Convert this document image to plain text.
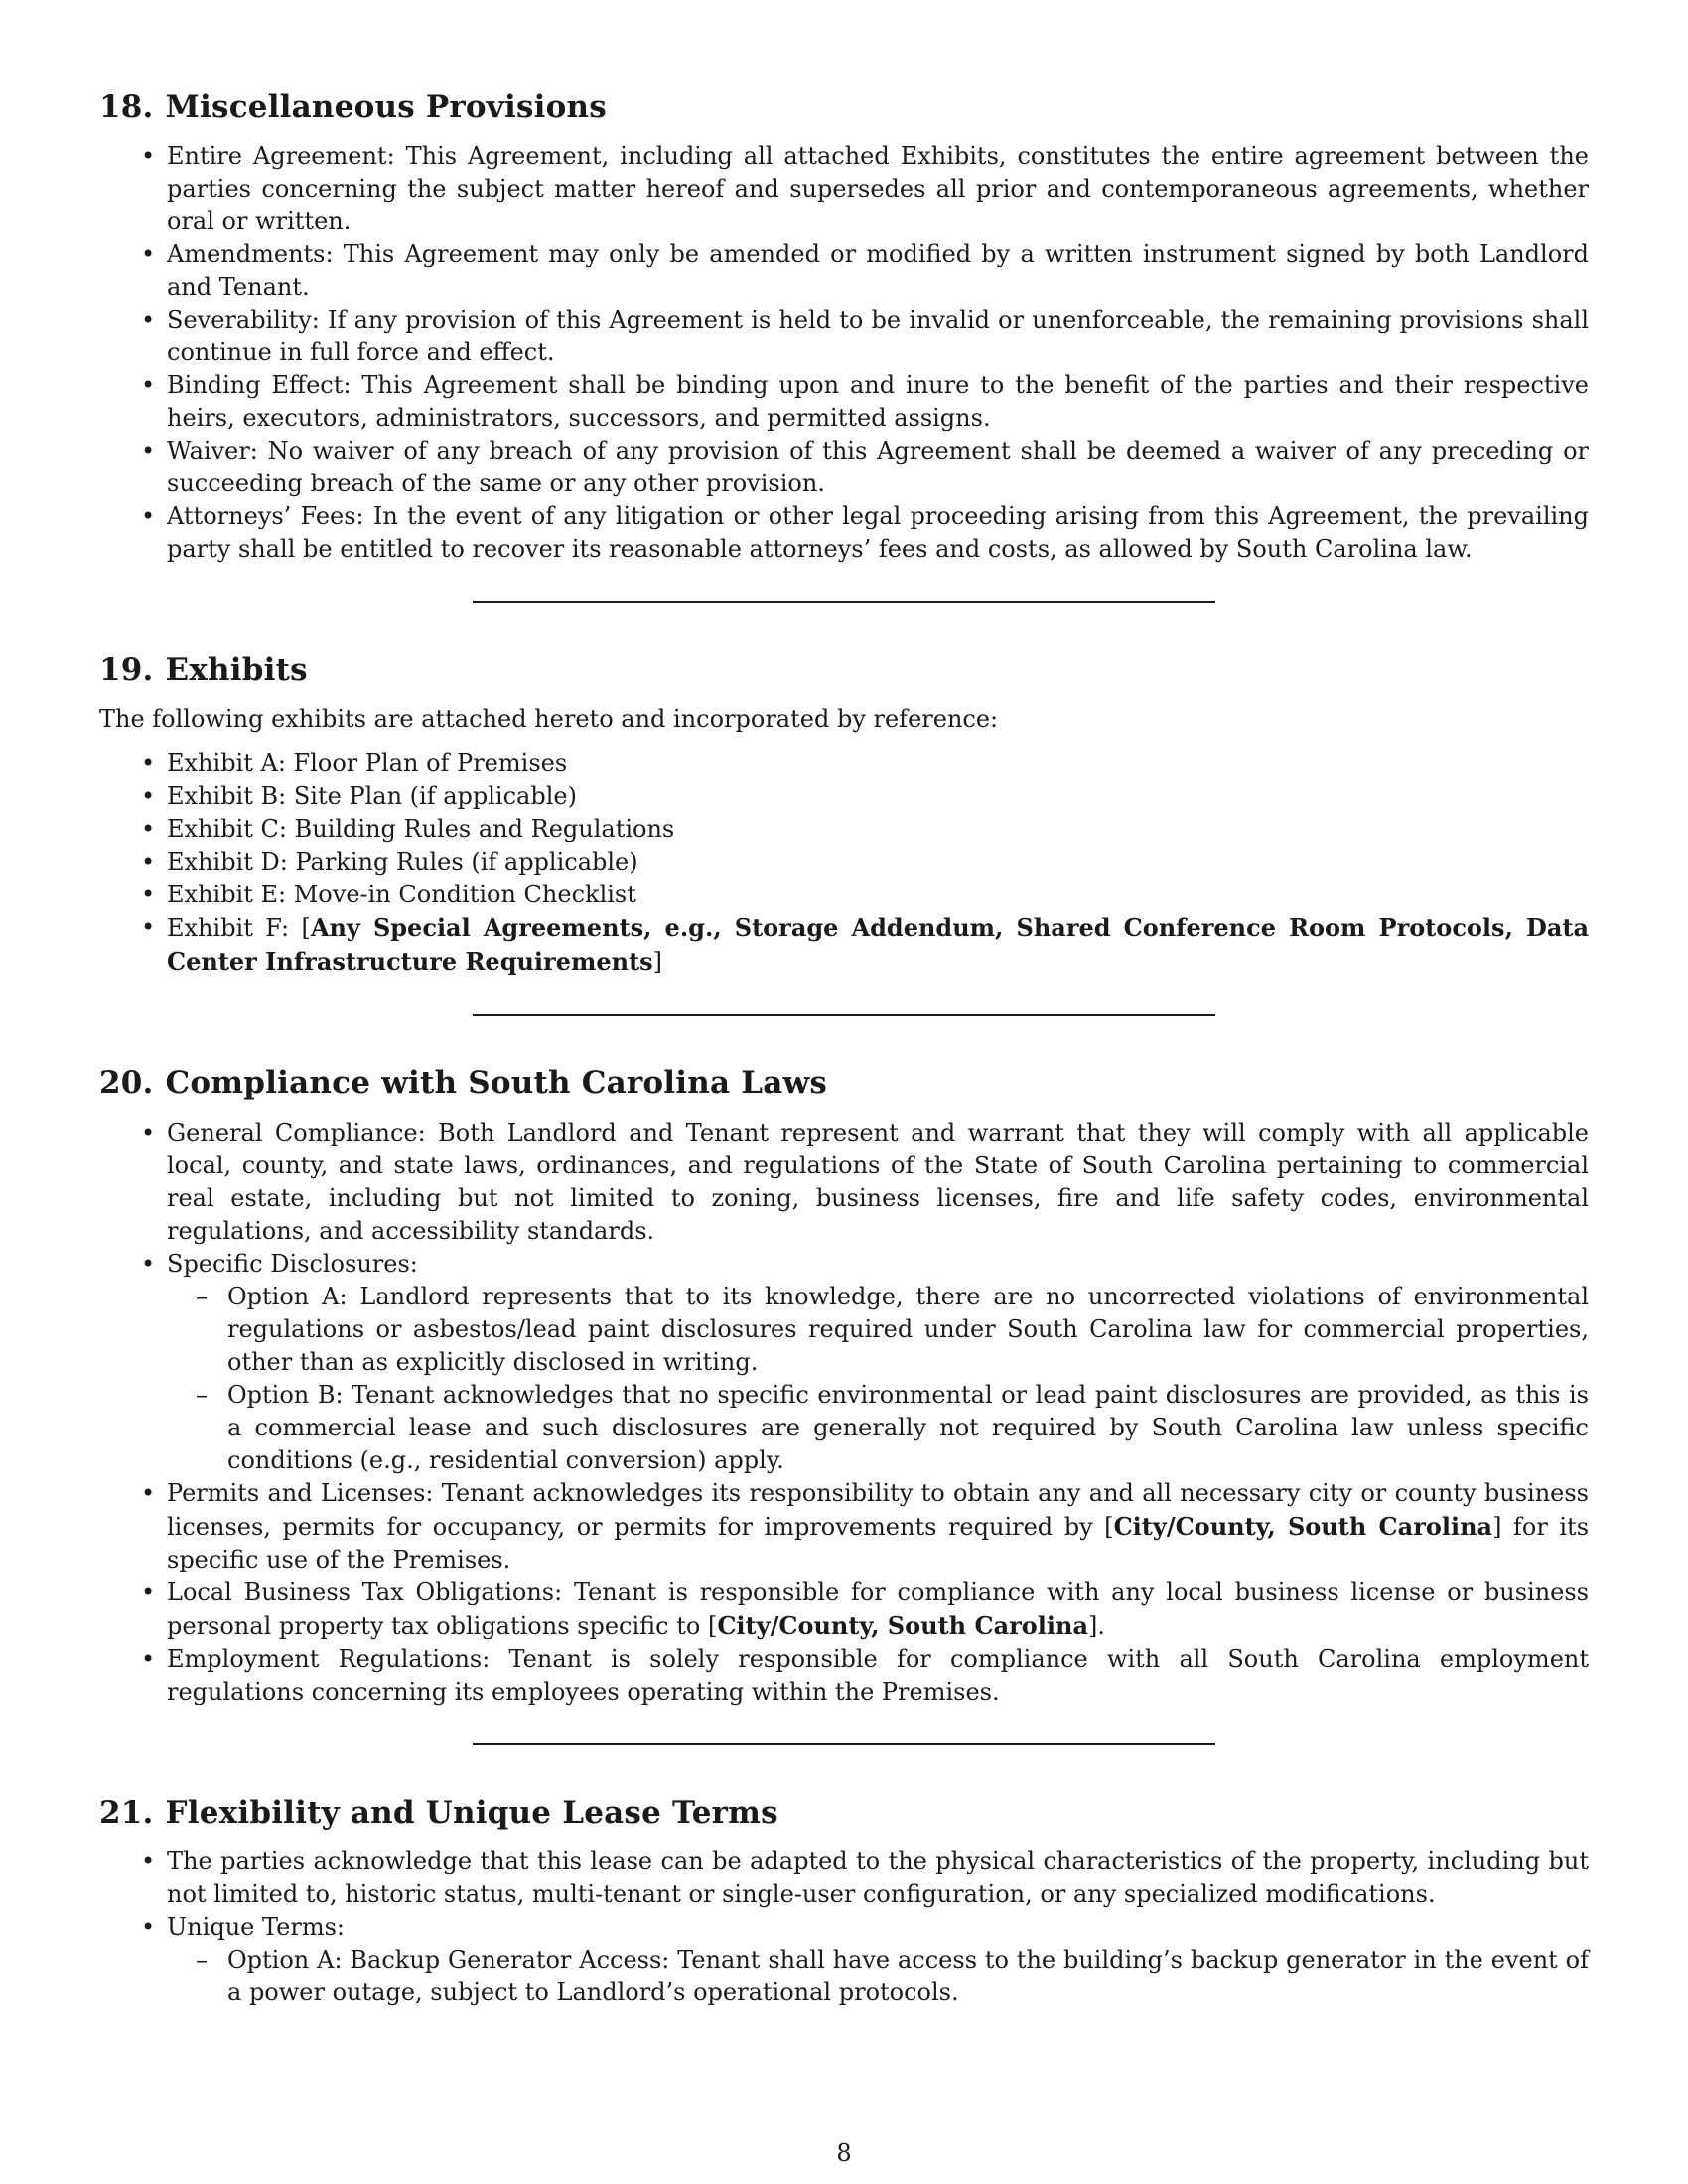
18. Miscellaneous Provisions
• Entire Agreement: This Agreement, including all attached Exhibits, constitutes the entire agreement between the parties concerning the subject matter hereof and supersedes all prior and contemporaneous agreements, whether oral or written.
• Amendments: This Agreement may only be amended or modified by a written instrument signed by both Landlord and Tenant.
• Severability: If any provision of this Agreement is held to be invalid or unenforceable, the remaining provisions shall continue in full force and effect.
• Binding Effect: This Agreement shall be binding upon and inure to the benefit of the parties and their respective heirs, executors, administrators, successors, and permitted assigns.
• Waiver: No waiver of any breach of any provision of this Agreement shall be deemed a waiver of any preceding or succeeding breach of the same or any other provision.
• Attorneys’ Fees: In the event of any litigation or other legal proceeding arising from this Agreement, the prevailing party shall be entitled to recover its reasonable attorneys’ fees and costs, as allowed by South Carolina law.
19. Exhibits

The following exhibits are attached hereto and incorporated by reference:

• Exhibit A: Floor Plan of Premises
• Exhibit B: Site Plan (if applicable)
• Exhibit C: Building Rules and Regulations
• Exhibit D: Parking Rules (if applicable)
• Exhibit E: Move-in Condition Checklist
• Exhibit F: [Any Special Agreements, e.g., Storage Addendum, Shared Conference Room Protocols, Data Center Infrastructure Requirements]
20. Compliance with South Carolina Laws
• General Compliance: Both Landlord and Tenant represent and warrant that they will comply with all applicable local, county, and state laws, ordinances, and regulations of the State of South Carolina pertaining to commercial real estate, including but not limited to zoning, business licenses, fire and life safety codes, environmental regulations, and accessibility standards.
• Specific Disclosures:
– Option A: Landlord represents that to its knowledge, there are no uncorrected violations of environmental regulations or asbestos/lead paint disclosures required under South Carolina law for commercial properties, other than as explicitly disclosed in writing.
– Option B: Tenant acknowledges that no specific environmental or lead paint disclosures are provided, as this is a commercial lease and such disclosures are generally not required by South Carolina law unless specific conditions (e.g., residential conversion) apply.
• Permits and Licenses: Tenant acknowledges its responsibility to obtain any and all necessary city or county business licenses, permits for occupancy, or permits for improvements required by [City/County, South Carolina] for its specific use of the Premises.
• Local Business Tax Obligations: Tenant is responsible for compliance with any local business license or business personal property tax obligations specific to [City/County, South Carolina].
• Employment Regulations: Tenant is solely responsible for compliance with all South Carolina employment regulations concerning its employees operating within the Premises.
21. Flexibility and Unique Lease Terms
• The parties acknowledge that this lease can be adapted to the physical characteristics of the property, including but not limited to, historic status, multi-tenant or single-user configuration, or any specialized modifications.
• Unique Terms:
– Option A: Backup Generator Access: Tenant shall have access to the building’s backup generator in the event of a power outage, subject to Landlord’s operational protocols.
8
